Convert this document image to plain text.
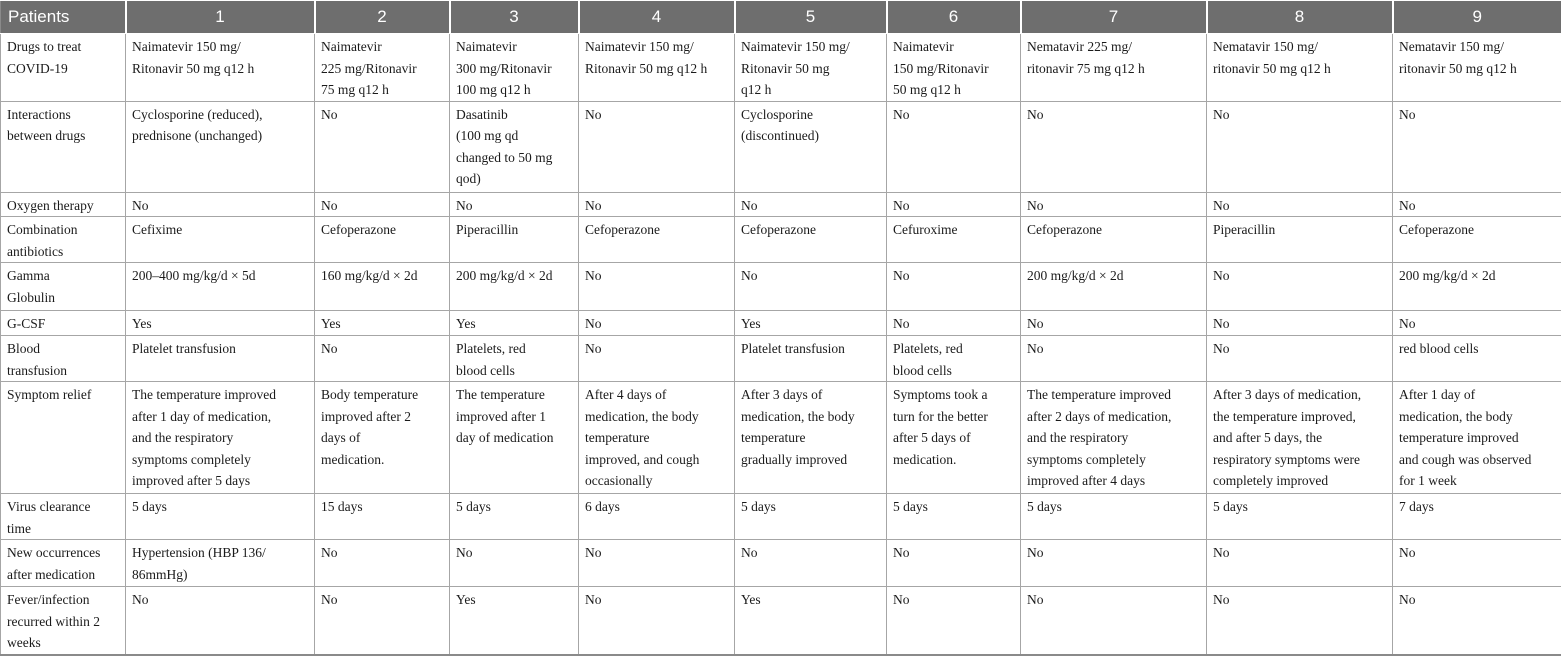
Patients	1	2	3	4	5	6	7	8	9
Drugs to treat
COVID-19	Naimatevir 150 mg/
Ritonavir 50 mg q12 h	Naimatevir
225 mg/Ritonavir
75 mg q12 h	Naimatevir
300 mg/Ritonavir
100 mg q12 h	Naimatevir 150 mg/
Ritonavir 50 mg q12 h	Naimatevir 150 mg/
Ritonavir 50 mg
q12 h	Naimatevir
150 mg/Ritonavir
50 mg q12 h	Nematavir 225 mg/
ritonavir 75 mg q12 h	Nematavir 150 mg/
ritonavir 50 mg q12 h	Nematavir 150 mg/
ritonavir 50 mg q12 h
Interactions
between drugs	Cyclosporine (reduced),
prednisone (unchanged)	No	Dasatinib
(100 mg qd
changed to 50 mg
qod)	No	Cyclosporine
(discontinued)	No	No	No	No
Oxygen therapy	No	No	No	No	No	No	No	No	No
Combination
antibiotics	Cefixime	Cefoperazone	Piperacillin	Cefoperazone	Cefoperazone	Cefuroxime	Cefoperazone	Piperacillin	Cefoperazone
Gamma
Globulin	200–400 mg/kg/d × 5d	160 mg/kg/d × 2d	200 mg/kg/d × 2d	No	No	No	200 mg/kg/d × 2d	No	200 mg/kg/d × 2d
G-CSF	Yes	Yes	Yes	No	Yes	No	No	No	No
Blood
transfusion	Platelet transfusion	No	Platelets, red
blood cells	No	Platelet transfusion	Platelets, red
blood cells	No	No	red blood cells
Symptom relief	The temperature improved
after 1 day of medication,
and the respiratory
symptoms completely
improved after 5 days	Body temperature
improved after 2
days of
medication.	The temperature
improved after 1
day of medication	After 4 days of
medication, the body
temperature
improved, and cough
occasionally	After 3 days of
medication, the body
temperature
gradually improved	Symptoms took a
turn for the better
after 5 days of
medication.	The temperature improved
after 2 days of medication,
and the respiratory
symptoms completely
improved after 4 days	After 3 days of medication,
the temperature improved,
and after 5 days, the
respiratory symptoms were
completely improved	After 1 day of
medication, the body
temperature improved
and cough was observed
for 1 week
Virus clearance
time	5 days	15 days	5 days	6 days	5 days	5 days	5 days	5 days	7 days
New occurrences
after medication	Hypertension (HBP 136/
86mmHg)	No	No	No	No	No	No	No	No
Fever/infection
recurred within 2
weeks	No	No	Yes	No	Yes	No	No	No	No
